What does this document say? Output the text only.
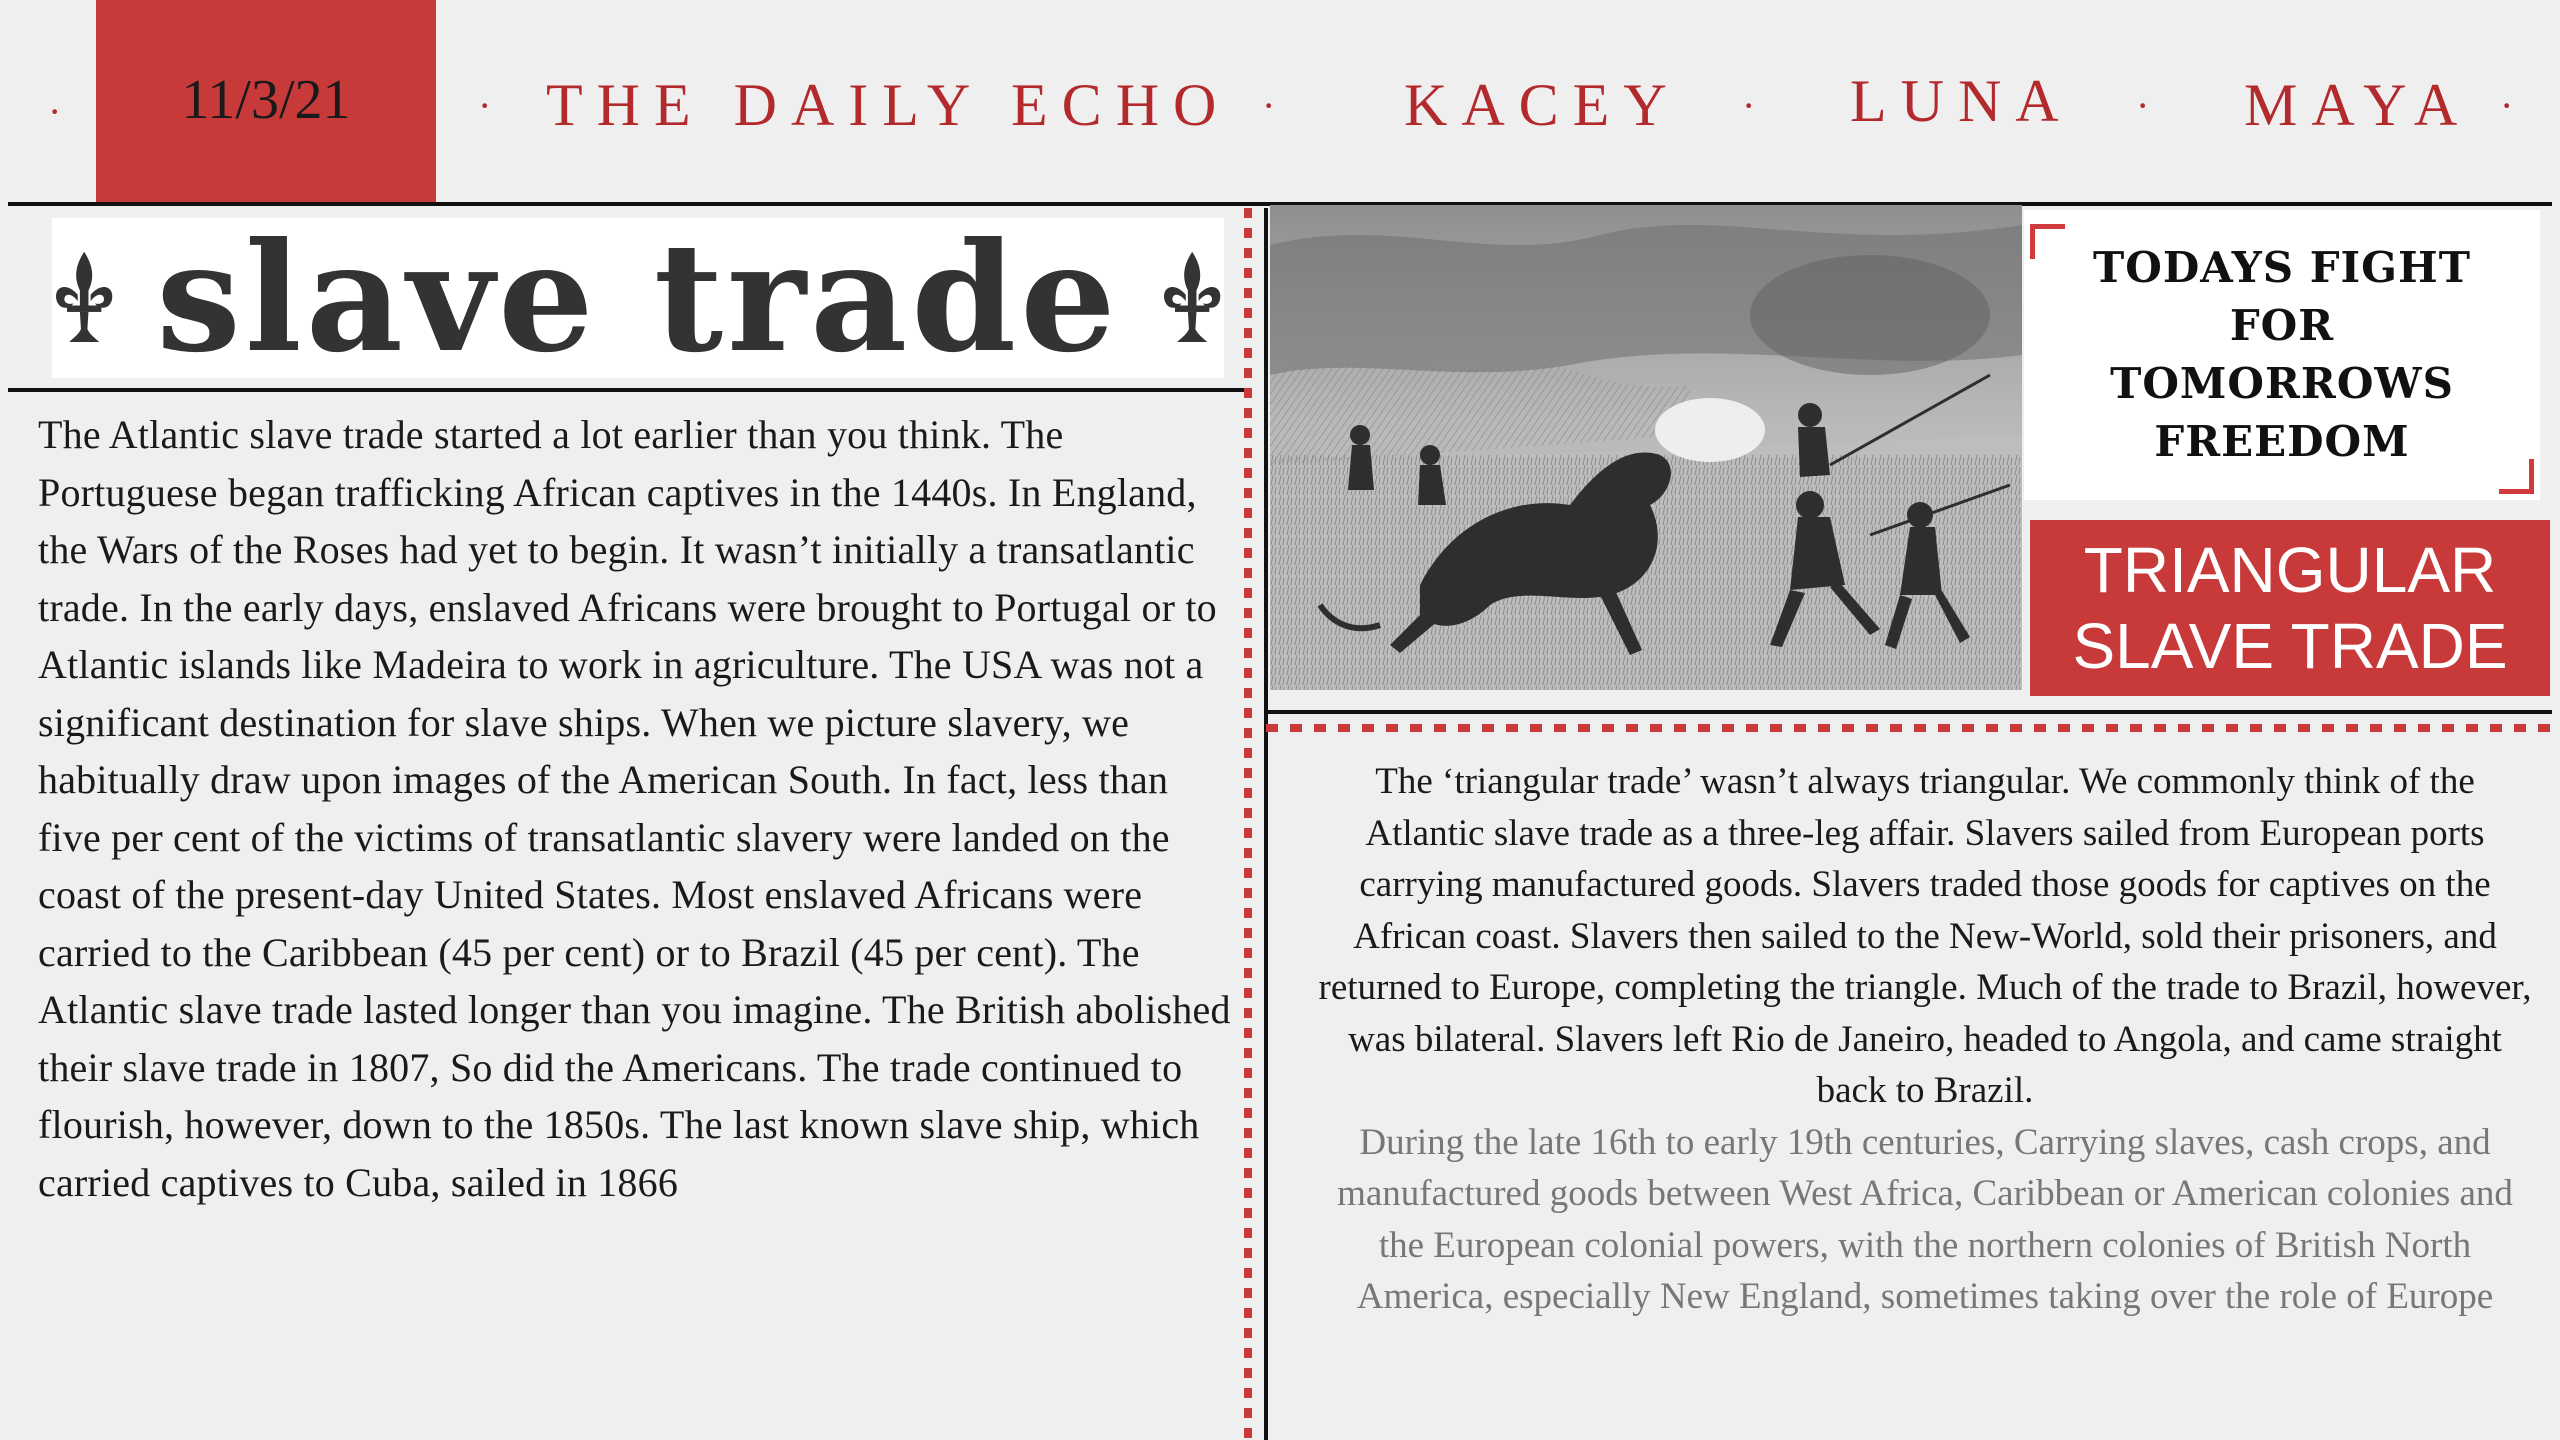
11/3/21
·	·	·	·	·	·
THE DAILY ECHO	KACEY	LUNA	MAYA
slave trade

The Atlantic slave trade started a lot earlier than you think. The Portuguese began trafficking African captives in the 1440s. In England, the Wars of the Roses had yet to begin. It wasn’t initially a transatlantic trade. In the early days, enslaved Africans were brought to Portugal or to Atlantic islands like Madeira to work in agriculture. The USA was not a significant destination for slave ships. When we picture slavery, we habitually draw upon images of the American South. In fact, less than five per cent of the victims of transatlantic slavery were landed on the coast of the present-day United States. Most enslaved Africans were carried to the Caribbean (45 per cent) or to Brazil (45 per cent). The Atlantic slave trade lasted longer than you imagine. The British abolished their slave trade in 1807, So did the Americans. The trade continued to flourish, however, down to the 1850s. The last known slave ship, which carried captives to Cuba, sailed in 1866

TODAYS FIGHT
FOR
TOMORROWS
FREEDOM
TRIANGULAR
SLAVE TRADE

The ‘triangular trade’ wasn’t always triangular. We commonly think of the Atlantic slave trade as a three-leg affair. Slavers sailed from European ports carrying manufactured goods. Slavers traded those goods for captives on the African coast. Slavers then sailed to the New-World, sold their prisoners, and returned to Europe, completing the triangle. Much of the trade to Brazil, however, was bilateral. Slavers left Rio de Janeiro, headed to Angola, and came straight back to Brazil.

During the late 16th to early 19th centuries, Carrying slaves, cash crops, and manufactured goods between West Africa, Caribbean or American colonies and the European colonial powers, with the northern colonies of British North America, especially New England, sometimes taking over the role of Europe
